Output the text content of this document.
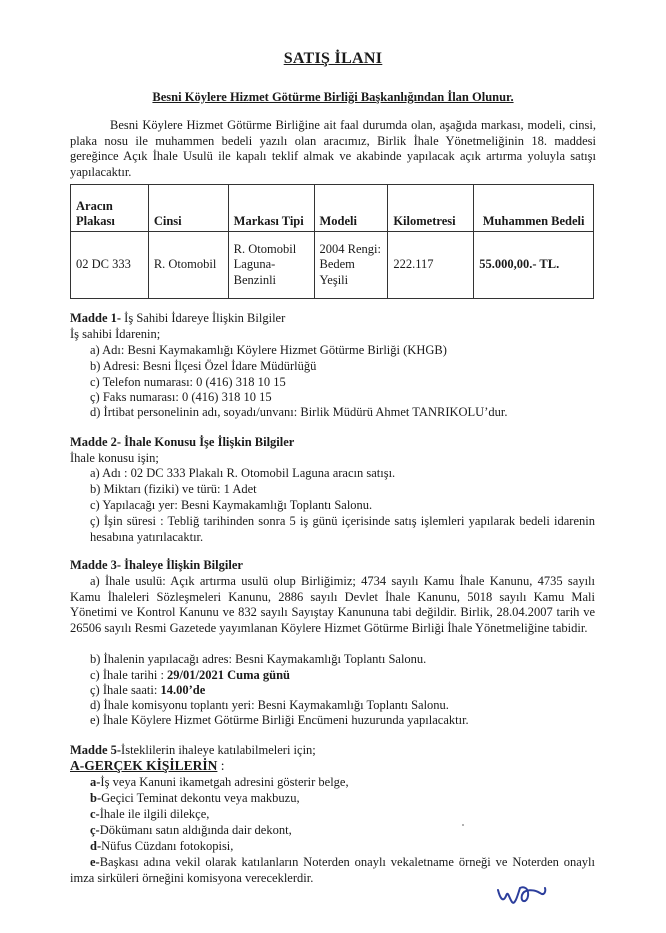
SATIŞ İLANI
Besni Köylere Hizmet Götürme Birliği Başkanlığından İlan Olunur.
Besni Köylere Hizmet Götürme Birliğine ait faal durumda olan, aşağıda markası, modeli, cinsi, plaka nosu ile muhammen bedeli yazılı olan aracımız, Birlik İhale Yönetmeliğinin 18. maddesi gereğince Açık İhale Usulü ile kapalı teklif almak ve akabinde yapılacak açık artırma yoluyla satışı yapılacaktır.
Aracın Plakası	Cinsi	Markası Tipi	Modeli	Kilometresi	Muhammen Bedeli
02 DC 333	R. Otomobil	R. Otomobil Laguna-Benzinli	2004 Rengi: Bedem Yeşili	222.117	55.000,00.- TL.
Madde 1- İş Sahibi İdareye İlişkin Bilgiler
İş sahibi İdarenin;
a) Adı: Besni Kaymakamlığı Köylere Hizmet Götürme Birliği (KHGB)
b) Adresi: Besni İlçesi Özel İdare Müdürlüğü
c) Telefon numarası: 0 (416) 318 10 15
ç) Faks numarası: 0 (416) 318 10 15
d) İrtibat personelinin adı, soyadı/unvanı: Birlik Müdürü Ahmet TANRIKOLU’dur.
Madde 2- İhale Konusu İşe İlişkin Bilgiler
İhale konusu işin;
a) Adı : 02 DC 333 Plakalı R. Otomobil Laguna aracın satışı.
b) Miktarı (fiziki) ve türü: 1 Adet
c) Yapılacağı yer: Besni Kaymakamlığı Toplantı Salonu.
ç) İşin süresi : Tebliğ tarihinden sonra 5 iş günü içerisinde satış işlemleri yapılarak bedeli idarenin hesabına yatırılacaktır.
Madde 3- İhaleye İlişkin Bilgiler
a) İhale usulü: Açık artırma usulü olup Birliğimiz; 4734 sayılı Kamu İhale Kanunu, 4735 sayılı Kamu İhaleleri Sözleşmeleri Kanunu, 2886 sayılı Devlet İhale Kanunu, 5018 sayılı Kamu Mali Yönetimi ve Kontrol Kanunu ve 832 sayılı Sayıştay Kanununa tabi değildir. Birlik, 28.04.2007 tarih ve 26506 sayılı Resmi Gazetede yayımlanan Köylere Hizmet Götürme Birliği İhale Yönetmeliğine tabidir.
b) İhalenin yapılacağı adres: Besni Kaymakamlığı Toplantı Salonu.
c) İhale tarihi : 29/01/2021 Cuma günü
ç) İhale saati: 14.00’de
d) İhale komisyonu toplantı yeri: Besni Kaymakamlığı Toplantı Salonu.
e) İhale Köylere Hizmet Götürme Birliği Encümeni huzurunda yapılacaktır.
Madde 5-İsteklilerin ihaleye katılabilmeleri için;
A-GERÇEK KİŞİLERİN :
a-İş veya Kanuni ikametgah adresini gösterir belge,
b-Geçici Teminat dekontu veya makbuzu,
c-İhale ile ilgili dilekçe,
ç-Dökümanı satın aldığında dair dekont,
d-Nüfus Cüzdanı fotokopisi,
e-Başkası adına vekil olarak katılanların Noterden onaylı vekaletname örneği ve Noterden onaylı imza sirküleri örneğini komisyona vereceklerdir.
